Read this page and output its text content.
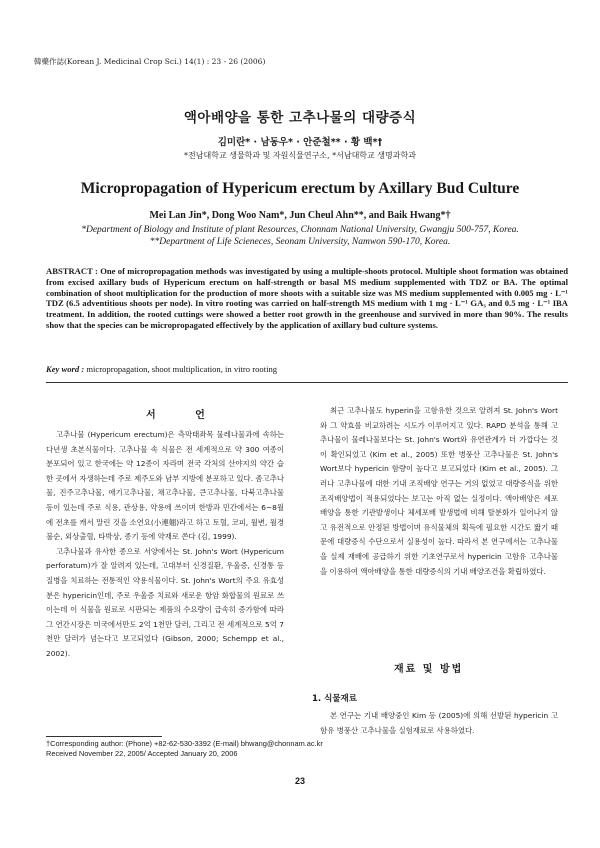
韓藥作誌(Korean J. Medicinal Crop Sci.) 14(1) : 23 - 26 (2006)
액아배양을 통한 고추나물의 대량증식
김미란* · 남동우* · 안준철** · 황 백*†
*전남대학교 생물학과 및 자원식물연구소, *서남대학교 생명과학과
Micropropagation of Hypericum erectum by Axillary Bud Culture
Mei Lan Jin*, Dong Woo Nam*, Jun Cheul Ahn**, and Baik Hwang*†
*Department of Biology and Institute of plant Resources, Chonnam National University, Gwangju 500-757, Korea.
**Department of Life Scieneces, Seonam University, Namwon 590-170, Korea.
ABSTRACT : One of micropropagation methods was investigated by using a multiple-shoots protocol. Multiple shoot formation was obtained from excised axillary buds of Hypericum erectum on half-strength or basal MS medium supplemented with TDZ or BA. The optimal combination of shoot multiplication for the production of more shoots with a suitable size was MS medium supplemented with 0.005 mg · L⁻¹ TDZ (6.5 adventitious shoots per node). In vitro rooting was carried on half-strength MS medium with 1 mg · L⁻¹ GA₃ and 0.5 mg · L⁻¹ IBA treatment. In addition, the rooted cuttings were showed a better root growth in the greenhouse and survived in more than 90%. The results show that the species can be micropropagated effectively by the application of axillary bud culture systems.
Key word : micropropagation, shoot multiplication, in vitro rooting
서 언

고추나물 (Hypericum erectum)은 측막태좌목 물레나물과에 속하는 다년생 초본식물이다. 고추나물 속 식물은 전 세계적으로 약 300 여종이 분포되어 있고 한국에는 약 12종이 자라며 전국 각처의 산야지의 약간 습한 곳에서 자생하는데 주로 제주도와 남부 지방에 분포하고 있다. 좀고추나물, 진주고추나물, 애기고추나물, 채고추나물, 큰고추나물, 다북고추나물 등이 있는데 주로 식용, 관상용, 약용에 쓰이며 한방과 민간에서는 6~8월에 전초를 캐서 말린 것을 소연요(小連翹)라고 하고 토혈, 코피, 월변, 월경불순, 외상출혈, 타박상, 종기 등에 약재로 쓴다 (김, 1999).

고추나물과 유사한 종으로 서양에서는 St. John's Wort (Hypericum perforatum)가 잘 알려져 있는데, 고대부터 신경질환, 우울증, 신경통 등 질병을 치료하는 전통적인 약용식물이다. St. John's Wort의 주요 유효성분은 hypericin인데, 주로 우울증 치료와 새로운 항암 화합물의 원료로 쓰이는데 이 식물을 원료로 시판되는 제품의 수요량이 급속히 증가함에 따라 그 연간시장은 미국에서만도 2억 1천만 달러, 그리고 전 세계적으로 5억 7천만 달러가 넘는다고 보고되었다 (Gibson, 2000; Schempp et al., 2002).

최근 고추나물도 hyperin을 고함유한 것으로 알려져 St. John's Wort와 그 약효를 비교하려는 시도가 이루어지고 있다. RAPD 분석을 통해 고추나물이 물레나물보다는 St. John's Wort와 유연관계가 더 가깝다는 것이 확인되었고 (Kim et al., 2005) 또한 병풍산 고추나물은 St. John's Wort보다 hypericin 함량이 높다고 보고되었다 (Kim et al., 2005). 그러나 고추나물에 대한 기내 조직배양 연구는 거의 없었고 대량증식을 위한 조직배양법이 적용되었다는 보고는 아직 없는 실정이다. 액아배양은 세포배양을 통한 기관발생이나 체세포배 발생법에 비해 탈분화가 일어나지 않고 유전적으로 안정된 방법이며 유식물체의 획득에 필요한 시간도 짧기 때문에 대량증식 수단으로서 실용성이 높다. 따라서 본 연구에서는 고추나물을 실제 재배에 공급하기 위한 기초연구로서 hypericin 고함유 고추나물을 이용하여 액아배양을 통한 대량증식의 기내 배양조건을 확립하였다.

재료 및 방법
1. 식물재료

본 연구는 기내 배양중인 Kim 등 (2005)에 의해 선발된 hypericin 고함유 병풍산 고추나물을 실험재료로 사용하였다.

†Corresponding author: (Phone) +82-62-530-3392 (E-mail) bhwang@chonnam.ac.kr
Received November 22, 2005/ Accepted January 20, 2006
23
